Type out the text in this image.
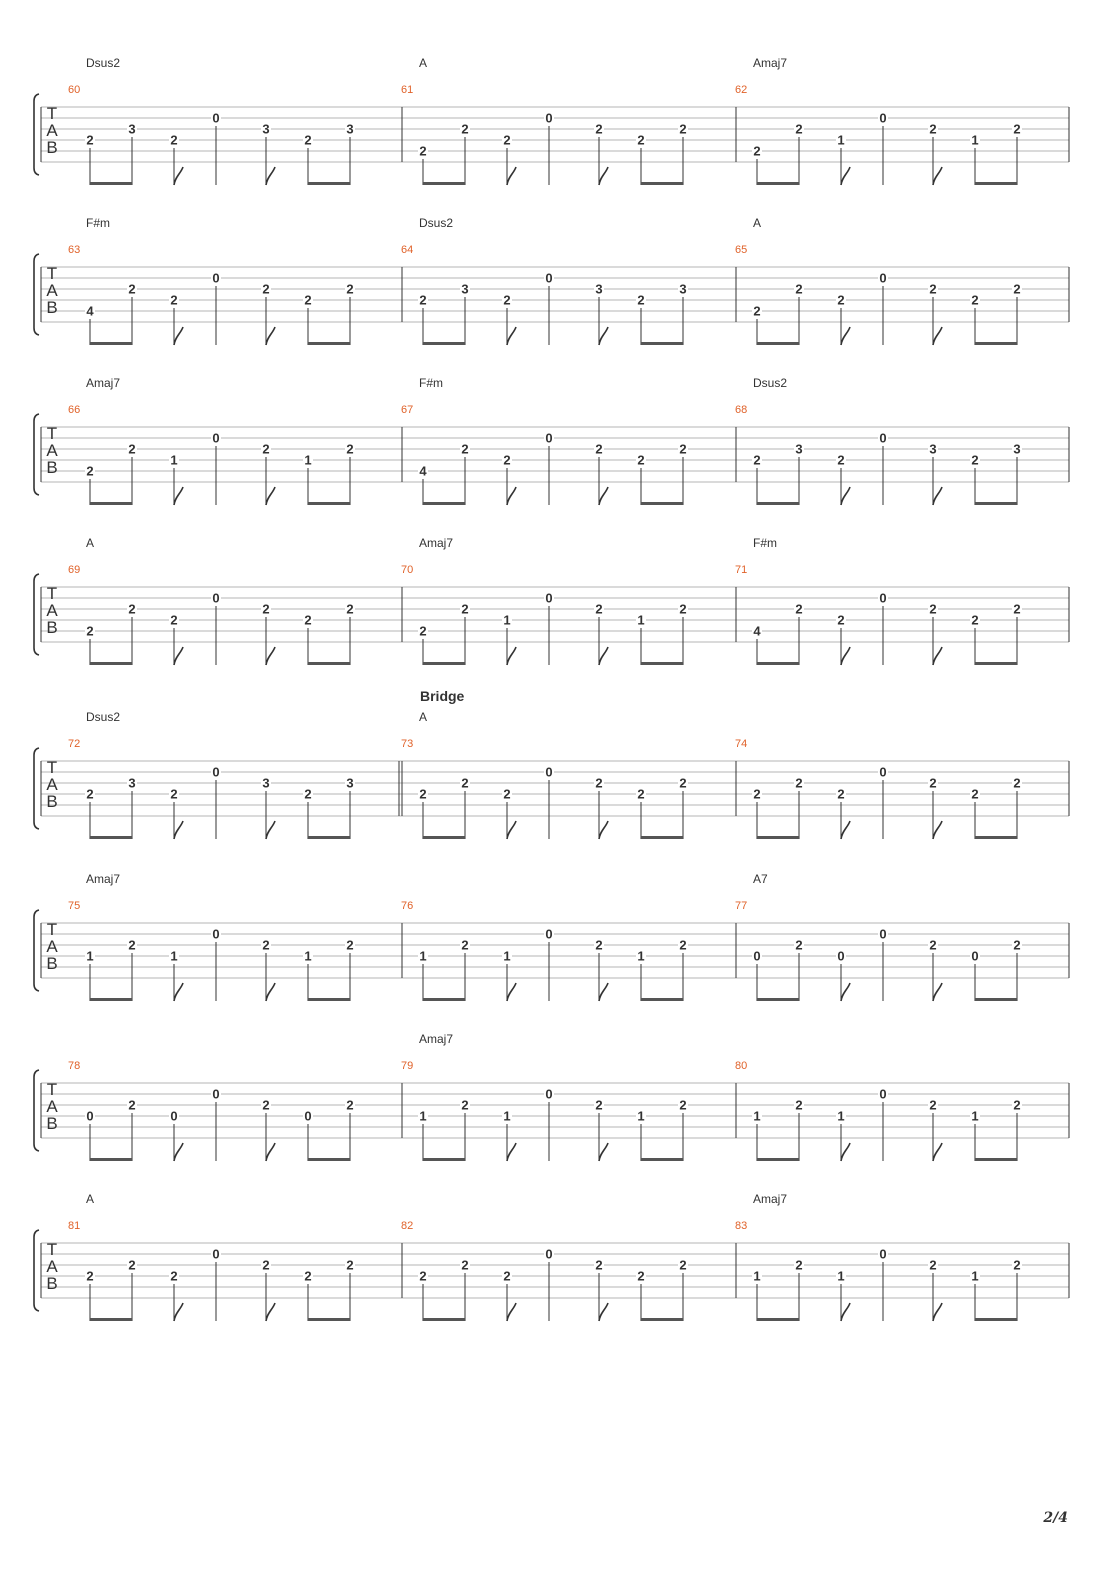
T
A
B
Dsus2
60
2
3
2
0
3
2
3
A
61
2
2
2
0
2
2
2
Amaj7
62
2
2
1
0
2
1
2
T
A
B
F#m
63
4
2
2
0
2
2
2
Dsus2
64
2
3
2
0
3
2
3
A
65
2
2
2
0
2
2
2
T
A
B
Amaj7
66
2
2
1
0
2
1
2
F#m
67
4
2
2
0
2
2
2
Dsus2
68
2
3
2
0
3
2
3
T
A
B
A
69
2
2
2
0
2
2
2
Amaj7
70
2
2
1
0
2
1
2
F#m
71
4
2
2
0
2
2
2
T
A
B
Dsus2
72
2
3
2
0
3
2
3
Bridge
A
73
2
2
2
0
2
2
2
74
2
2
2
0
2
2
2
T
A
B
Amaj7
75
1
2
1
0
2
1
2
76
1
2
1
0
2
1
2
A7
77
0
2
0
0
2
0
2
T
A
B
78
0
2
0
0
2
0
2
Amaj7
79
1
2
1
0
2
1
2
80
1
2
1
0
2
1
2
T
A
B
A
81
2
2
2
0
2
2
2
82
2
2
2
0
2
2
2
Amaj7
83
1
2
1
0
2
1
2
2/4
